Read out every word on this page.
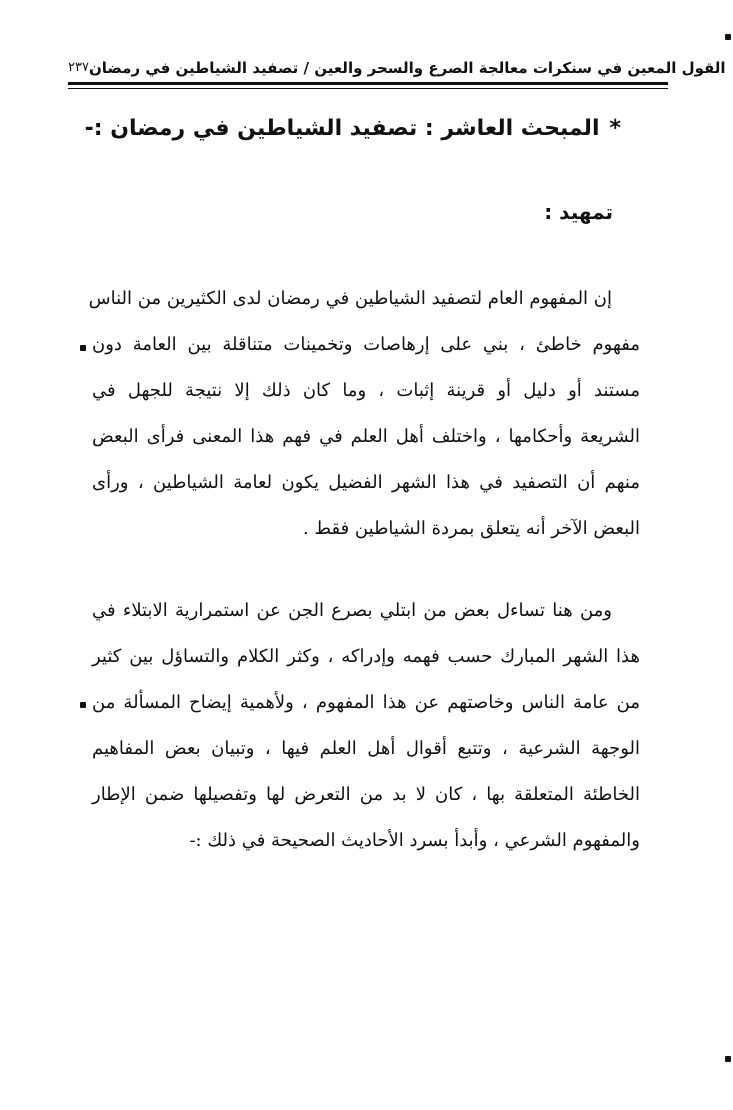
٢٣٧ القول المعين في سنكرات معالجة الصرع والسحر والعين / تصفيد الشياطين في رمضان
*المبحث العاشر : تصفيد الشياطين في رمضان :-
تمهيد :
إن المفهوم العام لتصفيد الشياطين في رمضان لدى الكثيرين من الناس
مفهوم خاطئ ، بني على إرهاصات وتخمينات متناقلة بين العامة دون
مستند أو دليل أو قرينة إثبات ، وما كان ذلك إلا نتيجة للجهل في
الشريعة وأحكامها ، واختلف أهل العلم في فهم هذا المعنى فرأى البعض
منهم أن التصفيد في هذا الشهر الفضيل يكون لعامة الشياطين ، ورأى
البعض الآخر أنه يتعلق بمردة الشياطين فقط .
ومن هنا تساءل بعض من ابتلي بصرع الجن عن استمرارية الابتلاء في
هذا الشهر المبارك حسب فهمه وإدراكه ، وكثر الكلام والتساؤل بين كثير
من عامة الناس وخاصتهم عن هذا المفهوم ، ولأهمية إيضاح المسألة من
الوجهة الشرعية ، وتتبع أقوال أهل العلم فيها ، وتبيان بعض المفاهيم
الخاطئة المتعلقة بها ، كان لا بد من التعرض لها وتفصيلها ضمن الإطار
والمفهوم الشرعي ، وأبدأ بسرد الأحاديث الصحيحة في ذلك :-
